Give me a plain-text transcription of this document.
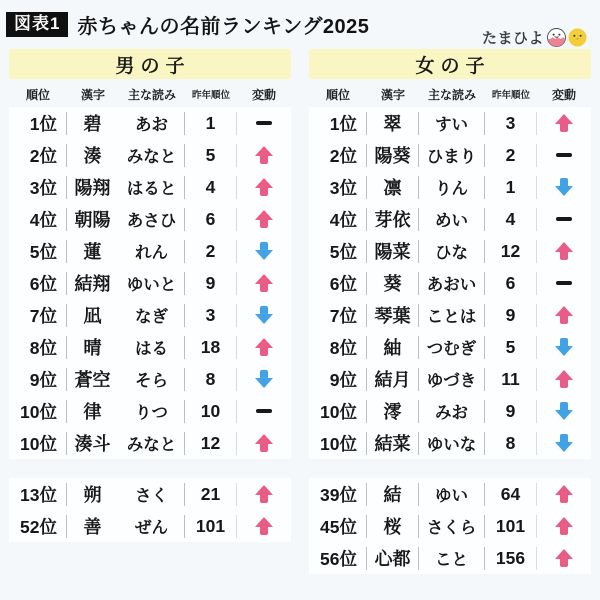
図表1 赤ちゃんの名前ランキング2025
たまひよ
男の子
順位	漢字	主な読み	昨年順位	変動
1位	碧	あお	1
2位	湊	みなと	5
3位 陽翔 はると	4
4位 朝陽 あさひ	6
5位	蓮	れん	2
6位 結翔 ゆいと	9
7位	凪	なぎ	3
8位	晴	はる	18
9位 蒼空	そら	8
10位	律	りつ	10
10位 湊斗 みなと	12
13位	朔	さく	21
52位	善	ぜん	101
女の子
順位	漢字	主な読み	昨年順位	変動
1位	翠	すい	3
2位 陽葵 ひまり	2
3位	凛	りん	1
4位 芽依	めい	4
5位 陽菜	ひな	12
6位	葵	あおい	6
7位 琴葉 ことは	9
8位	紬	つむぎ	5
9位 結月 ゆづき	11
10位	澪	みお	9
10位 結菜 ゆいな	8
39位	結	ゆい	64
45位	桜	さくら	101
56位 心都	こと	156
